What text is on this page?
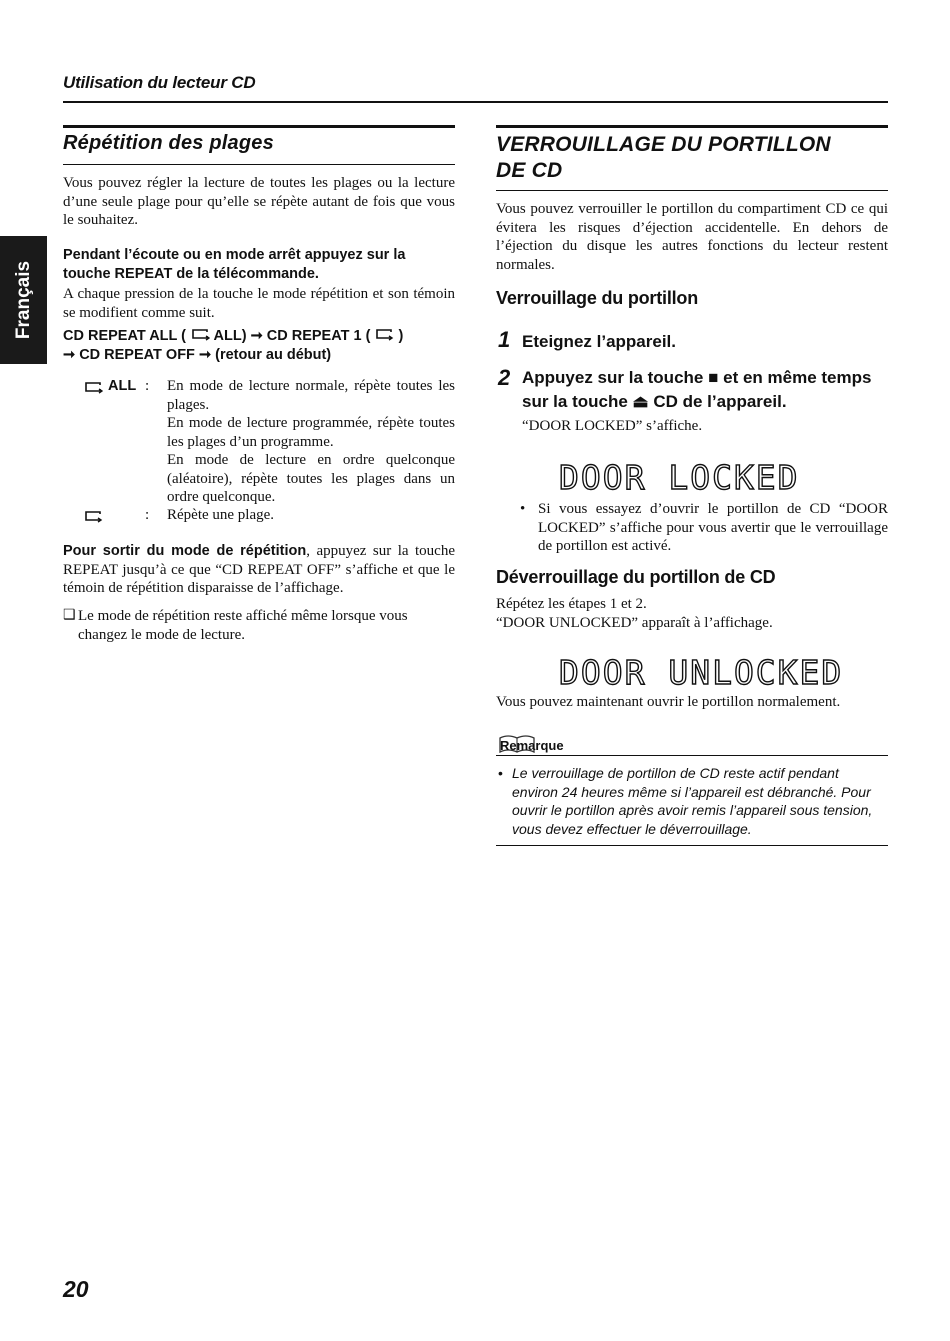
Utilisation du lecteur CD
Français
Répétition des plages
Vous pouvez régler la lecture de toutes les plages ou la lecture d’une seule plage pour qu’elle se répète autant de fois que vous le souhaitez.
Pendant l’écoute ou en mode arrêt appuyez sur la touche REPEAT de la télécommande.
A chaque pression de la touche le mode répétition et son témoin se modifient comme suit.
CD REPEAT ALL ( ALL) ➞ CD REPEAT 1 ( )
➞ CD REPEAT OFF ➞ (retour au début)
ALL : En mode de lecture normale, répète toutes les plages.
En mode de lecture programmée, répète toutes les plages d’un programme.
En mode de lecture en ordre quelconque (aléatoire), répète toutes les plages dans un ordre quelconque.
: Répète une plage.
Pour sortir du mode de répétition, appuyez sur la touche REPEAT jusqu’à ce que “CD REPEAT OFF” s’affiche et que le témoin de répétition disparaisse de l’affichage.
❑ Le mode de répétition reste affiché même lorsque vous changez le mode de lecture.
VERROUILLAGE DU PORTILLON
DE CD
Vous pouvez verrouiller le portillon du compartiment CD ce qui évitera les risques d’éjection accidentelle. En dehors de l’éjection du disque les autres fonctions du lecteur restent normales.
Verrouillage du portillon
1 Eteignez l’appareil.
2 Appuyez sur la touche ■ et en même temps sur la touche ⏏ CD de l’appareil.
“DOOR LOCKED” s’affiche.
DOOR LOCKED
• Si vous essayez d’ouvrir le portillon de CD “DOOR LOCKED” s’affiche pour vous avertir que le verrouillage de portillon est activé.
Déverrouillage du portillon de CD
Répétez les étapes 1 et 2.
“DOOR UNLOCKED” apparaît à l’affichage.
DOOR UNLOCKED
Vous pouvez maintenant ouvrir le portillon normalement.
Remarque
• Le verrouillage de portillon de CD reste actif pendant environ 24 heures même si l’appareil est débranché. Pour ouvrir le portillon après avoir remis l’appareil sous tension, vous devez effectuer le déverrouillage.
20
